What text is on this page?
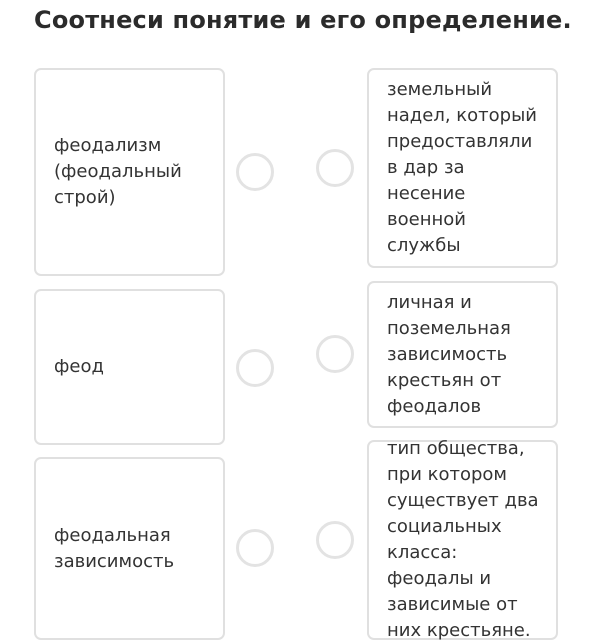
Соотнеси понятие и его определение.
феодализм (феодальный строй)
феод
феодальная зависимость
земельный надел, который предоставляли в дар за несение военной службы
личная и поземельная зависимость крестьян от феодалов
тип общества, при котором существует два социальных класса: феодалы и зависимые от них крестьяне.
